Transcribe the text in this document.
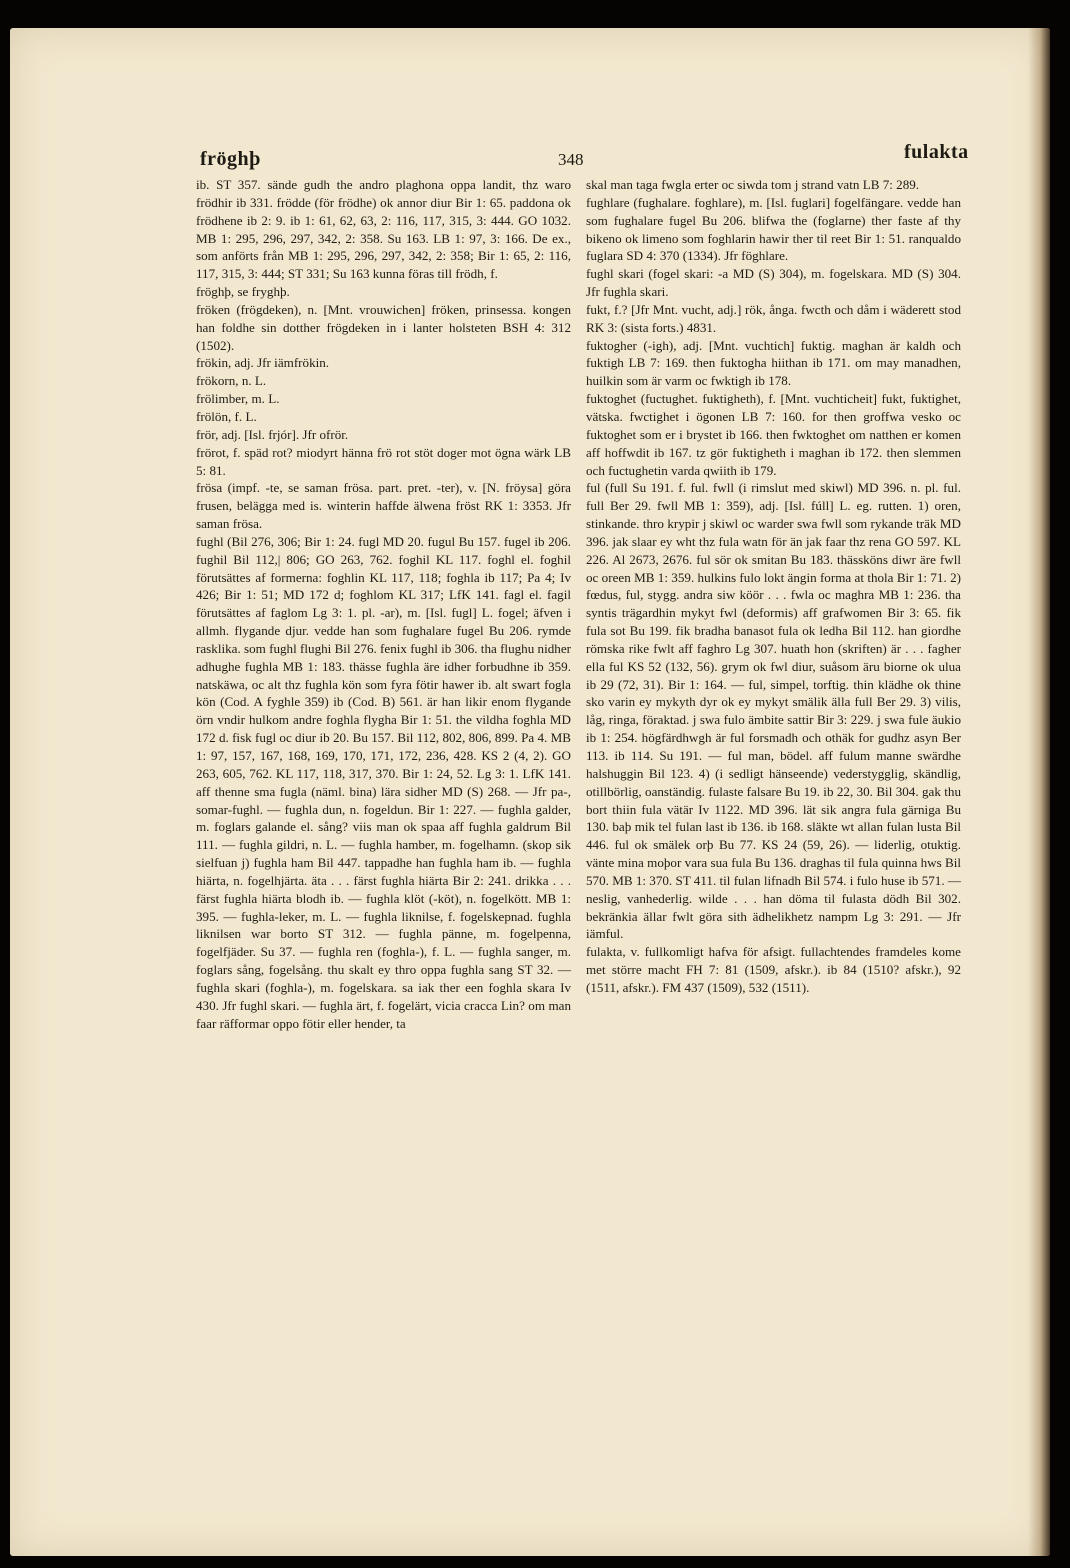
fröghþ	348	fulakta

ib. ST 357. sände gudh the andro plaghona oppa landit, thz waro frödhir ib 331. frödde (för frödhe) ok annor diur Bir 1: 65. paddona ok frödhene ib 2: 9. ib 1: 61, 62, 63, 2: 116, 117, 315, 3: 444. GO 1032. MB 1: 295, 296, 297, 342, 2: 358. Su 163. LB 1: 97, 3: 166. De ex., som anförts från MB 1: 295, 296, 297, 342, 2: 358; Bir 1: 65, 2: 116, 117, 315, 3: 444; ST 331; Su 163 kunna föras till frödh, f.

fröghþ, se fryghþ.

fröken (frögdeken), n. [Mnt. vrouwichen] fröken, prinsessa. kongen han foldhe sin dotther frögdeken in i lanter holsteten BSH 4: 312 (1502).

frökin, adj. Jfr iämfrökin.

frökorn, n. L.

frölimber, m. L.

frölön, f. L.

frör, adj. [Isl. frjór]. Jfr ofrör.

frörot, f. späd rot? miodyrt hänna frö rot stöt doger mot ögna wärk LB 5: 81.

frösa (impf. -te, se saman frösa. part. pret. -ter), v. [N. fröysa] göra frusen, belägga med is. winterin haffde älwena fröst RK 1: 3353. Jfr saman frösa.

fughl (Bil 276, 306; Bir 1: 24. fugl MD 20. fugul Bu 157. fugel ib 206. fughil Bil 112,| 806; GO 263, 762. foghil KL 117. foghl el. foghil förutsättes af formerna: foghlin KL 117, 118; foghla ib 117; Pa 4; Iv 426; Bir 1: 51; MD 172 d; foghlom KL 317; LfK 141. fagl el. fagil förutsättes af faglom Lg 3: 1. pl. -ar), m. [Isl. fugl] L. fogel; äfven i allmh. flygande djur. vedde han som fughalare fugel Bu 206. rymde rasklika. som fughl flughi Bil 276. fenix fughl ib 306. tha flughu nidher adhughe fughla MB 1: 183. thässe fughla äre idher forbudhne ib 359. natskäwa, oc alt thz fughla kön som fyra fötir hawer ib. alt swart fogla kön (Cod. A fyghle 359) ib (Cod. B) 561. är han likir enom flygande örn vndir hulkom andre foghla flygha Bir 1: 51. the vildha foghla MD 172 d. fisk fugl oc diur ib 20. Bu 157. Bil 112, 802, 806, 899. Pa 4. MB 1: 97, 157, 167, 168, 169, 170, 171, 172, 236, 428. KS 2 (4, 2). GO 263, 605, 762. KL 117, 118, 317, 370. Bir 1: 24, 52. Lg 3: 1. LfK 141. aff thenne sma fugla (näml. bina) lära sidher MD (S) 268. — Jfr pa-, somar-fughl. — fughla dun, n. fogeldun. Bir 1: 227. — fughla galder, m. foglars galande el. sång? viis man ok spaa aff fughla galdrum Bil 111. — fughla gildri, n. L. — fughla hamber, m. fogelhamn. (skop sik sielfuan j) fughla ham Bil 447. tappadhe han fughla ham ib. — fughla hiärta, n. fogelhjärta. äta . . . färst fughla hiärta Bir 2: 241. drikka . . . färst fughla hiärta blodh ib. — fughla klöt (-köt), n. fogelkött. MB 1: 395. — fughla-leker, m. L. — fughla liknilse, f. fogelskepnad. fughla liknilsen war borto ST 312. — fughla pänne, m. fogelpenna, fogelfjäder. Su 37. — fughla ren (foghla-), f. L. — fughla sanger, m. foglars sång, fogelsång. thu skalt ey thro oppa fughla sang ST 32. — fughla skari (foghla-), m. fogelskara. sa iak ther een foghla skara Iv 430. Jfr fughl skari. — fughla ärt, f. fogelärt, vicia cracca Lin? om man faar räfformar oppo fötir eller hender, ta

skal man taga fwgla erter oc siwda tom j strand vatn LB 7: 289.

fughlare (fughalare. foghlare), m. [Isl. fuglari] fogelfängare. vedde han som fughalare fugel Bu 206. blifwa the (foglarne) ther faste af thy bikeno ok limeno som foghlarin hawir ther til reet Bir 1: 51. ranqualdo fuglara SD 4: 370 (1334). Jfr föghlare.

fughl skari (fogel skari: -a MD (S) 304), m. fogelskara. MD (S) 304. Jfr fughla skari.

fukt, f.? [Jfr Mnt. vucht, adj.] rök, ånga. fwcth och dåm i wäderett stod RK 3: (sista forts.) 4831.

fuktogher (-igh), adj. [Mnt. vuchtich] fuktig. maghan är kaldh och fuktigh LB 7: 169. then fuktogha hiithan ib 171. om may manadhen, huilkin som är varm oc fwktigh ib 178.

fuktoghet (fuctughet. fuktigheth), f. [Mnt. vuchticheit] fukt, fuktighet, vätska. fwctighet i ögonen LB 7: 160. for then groffwa vesko oc fuktoghet som er i brystet ib 166. then fwktoghet om natthen er komen aff hoffwdit ib 167. tz gör fuktigheth i maghan ib 172. then slemmen och fuctughetin varda qwiith ib 179.

ful (full Su 191. f. ful. fwll (i rimslut med skiwl) MD 396. n. pl. ful. full Ber 29. fwll MB 1: 359), adj. [Isl. fúll] L. eg. rutten. 1) oren, stinkande. thro krypir j skiwl oc warder swa fwll som rykande träk MD 396. jak slaar ey wht thz fula watn för än jak faar thz rena GO 597. KL 226. Al 2673, 2676. ful sör ok smitan Bu 183. thässköns diwr äre fwll oc oreen MB 1: 359. hulkins fulo lokt ängin forma at thola Bir 1: 71. 2) fœdus, ful, stygg. andra siw köör . . . fwla oc maghra MB 1: 236. tha syntis trägardhin mykyt fwl (deformis) aff grafwomen Bir 3: 65. fik fula sot Bu 199. fik bradha banasot fula ok ledha Bil 112. han giordhe römska rike fwlt aff faghro Lg 307. huath hon (skriften) är . . . fagher ella ful KS 52 (132, 56). grym ok fwl diur, suåsom äru biorne ok ulua ib 29 (72, 31). Bir 1: 164. — ful, simpel, torftig. thin klädhe ok thine sko varin ey mykyth dyr ok ey mykyt smälik älla full Ber 29. 3) vilis, låg, ringa, föraktad. j swa fulo ämbite sattir Bir 3: 229. j swa fule äukio ib 1: 254. högfärdhwgh är ful forsmadh och othäk for gudhz asyn Ber 113. ib 114. Su 191. — ful man, bödel. aff fulum manne swärdhe halshuggin Bil 123. 4) (i sedligt hänseende) vederstygglig, skändlig, otillbörlig, oanständig. fulaste falsare Bu 19. ib 22, 30. Bil 304. gak thu bort thiin fula vätär Iv 1122. MD 396. lät sik angra fula gärniga Bu 130. baþ mik tel fulan last ib 136. ib 168. släkte wt allan fulan lusta Bil 446. ful ok smälek orþ Bu 77. KS 24 (59, 26). — liderlig, otuktig. vänte mina moþor vara sua fula Bu 136. draghas til fula quinna hws Bil 570. MB 1: 370. ST 411. til fulan lifnadh Bil 574. i fulo huse ib 571. — neslig, vanhederlig. wilde . . . han döma til fulasta dödh Bil 302. bekränkia ällar fwlt göra sith ädhelikhetz nampm Lg 3: 291. — Jfr iämful.

fulakta, v. fullkomligt hafva för afsigt. fullachtendes framdeles kome met större macht FH 7: 81 (1509, afskr.). ib 84 (1510? afskr.), 92 (1511, afskr.). FM 437 (1509), 532 (1511).
